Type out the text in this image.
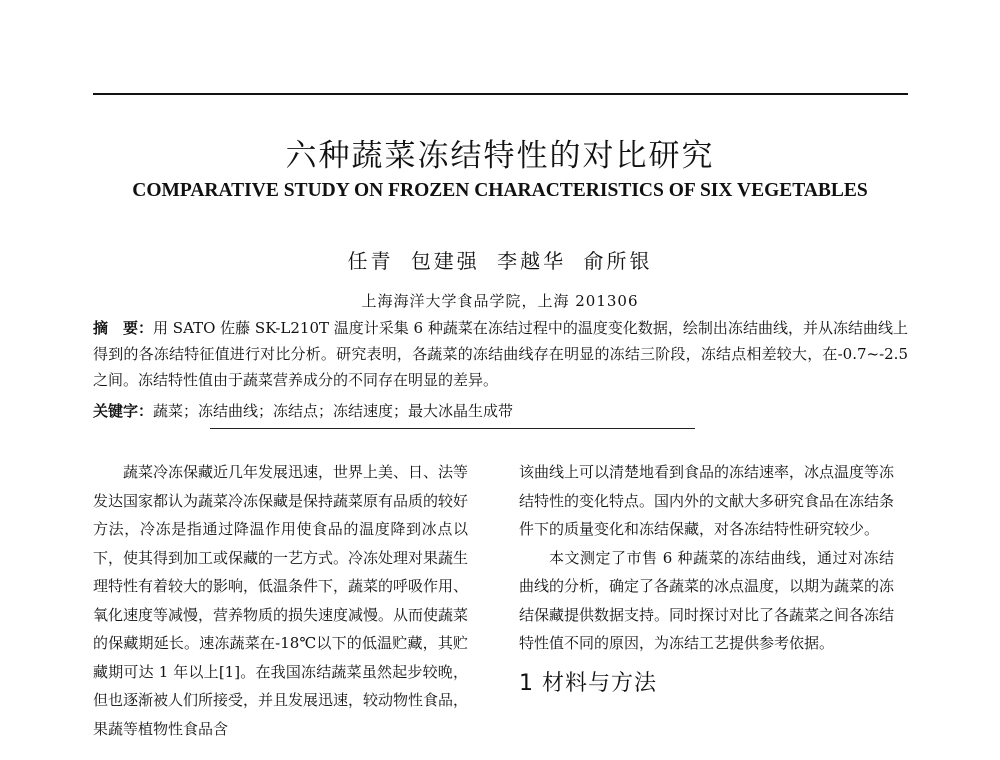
六种蔬菜冻结特性的对比研究
COMPARATIVE STUDY ON FROZEN CHARACTERISTICS OF SIX VEGETABLES
任青 包建强 李越华 俞所银
上海海洋大学食品学院，上海 201306
摘　要：用 SATO 佐藤 SK-L210T 温度计采集 6 种蔬菜在冻结过程中的温度变化数据，绘制出冻结曲线，并从冻结曲线上得到的各冻结特征值进行对比分析。研究表明，各蔬菜的冻结曲线存在明显的冻结三阶段，冻结点相差较大，在-0.7~-2.5 之间。冻结特性值由于蔬菜营养成分的不同存在明显的差异。
关键字：蔬菜；冻结曲线；冻结点；冻结速度；最大冰晶生成带

蔬菜冷冻保藏近几年发展迅速，世界上美、日、法等发达国家都认为蔬菜冷冻保藏是保持蔬菜原有品质的较好方法，冷冻是指通过降温作用使食品的温度降到冰点以下，使其得到加工或保藏的一艺方式。冷冻处理对果蔬生理特性有着较大的影响，低温条件下，蔬菜的呼吸作用、氧化速度等减慢，营养物质的损失速度减慢。从而使蔬菜的保藏期延长。速冻蔬菜在-18℃以下的低温贮藏，其贮藏期可达 1 年以上[1]。在我国冻结蔬菜虽然起步较晚，但也逐渐被人们所接受，并且发展迅速，较动物性食品，果蔬等植物性食品含

该曲线上可以清楚地看到食品的冻结速率，冰点温度等冻结特性的变化特点。国内外的文献大多研究食品在冻结条件下的质量变化和冻结保藏，对各冻结特性研究较少。

本文测定了市售 6 种蔬菜的冻结曲线，通过对冻结曲线的分析，确定了各蔬菜的冰点温度，以期为蔬菜的冻结保藏提供数据支持。同时探讨对比了各蔬菜之间各冻结特性值不同的原因，为冻结工艺提供参考依据。

1 材料与方法
